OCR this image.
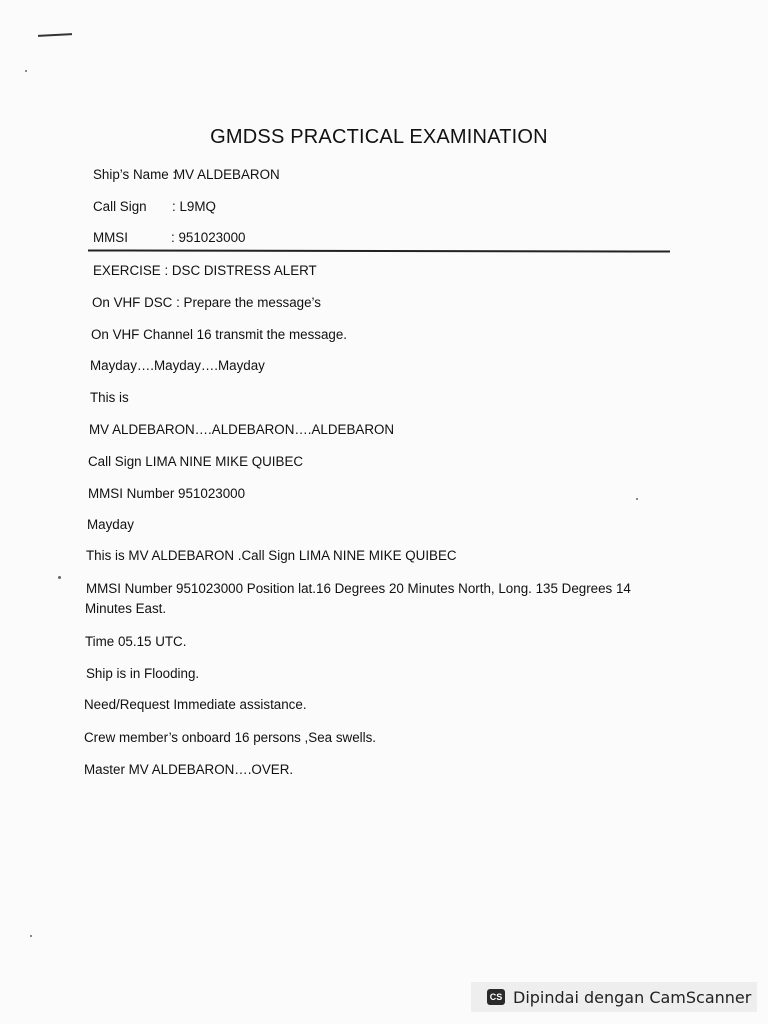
GMDSS PRACTICAL EXAMINATION
Ship’s Name :
MV ALDEBARON
Call Sign : L9MQ
MMSI	: 951023000
EXERCISE : DSC DISTRESS ALERT
On VHF DSC : Prepare the message’s
On VHF Channel 16 transmit the message.
Mayday….Mayday….Mayday
This is
MV ALDEBARON….ALDEBARON….ALDEBARON
Call Sign LIMA NINE MIKE QUIBEC
MMSI Number 951023000
Mayday
This is MV ALDEBARON .Call Sign LIMA NINE MIKE QUIBEC
MMSI Number 951023000 Position lat.16 Degrees 20 Minutes North, Long. 135 Degrees 14
Minutes East.
Time 05.15 UTC.
Ship is in Flooding.
Need/Request Immediate assistance.
Crew member’s onboard 16 persons ,Sea swells.
Master MV ALDEBARON….OVER.
CS Dipindai dengan CamScanner
